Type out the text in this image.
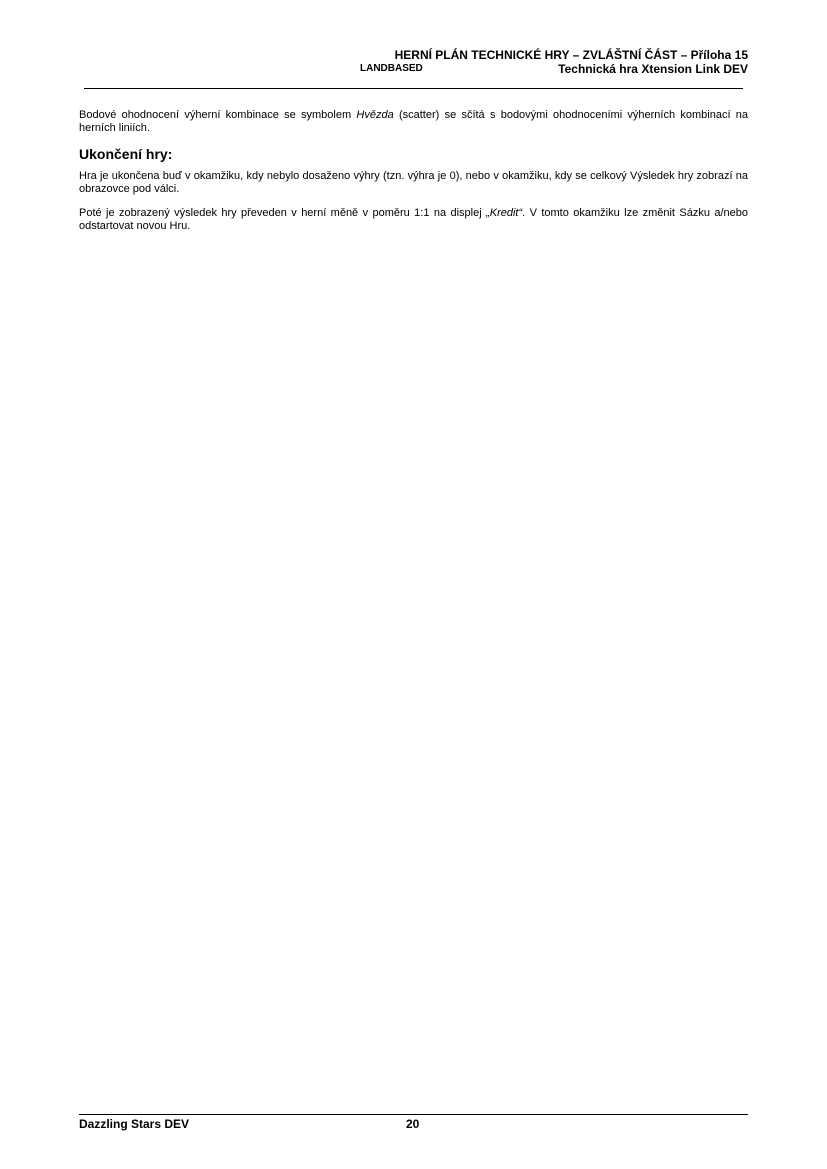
HERNÍ PLÁN TECHNICKÉ HRY – ZVLÁŠTNÍ ČÁST – Příloha 15
LANDBASED	Technická hra Xtension Link DEV

Bodové ohodnocení výherní kombinace se symbolem Hvězda (scatter) se sčítá s bodovými ohodnoceními výherních kombinací na herních liniích.

Ukončení hry:

Hra je ukončena buď v okamžiku, kdy nebylo dosaženo výhry (tzn. výhra je 0), nebo v okamžiku, kdy se celkový Výsledek hry zobrazí na obrazovce pod válci.

Poté je zobrazený výsledek hry převeden v herní měně v poměru 1:1 na displej „Kredit“. V tomto okamžiku lze změnit Sázku a/nebo odstartovat novou Hru.

Dazzling Stars DEV	20
